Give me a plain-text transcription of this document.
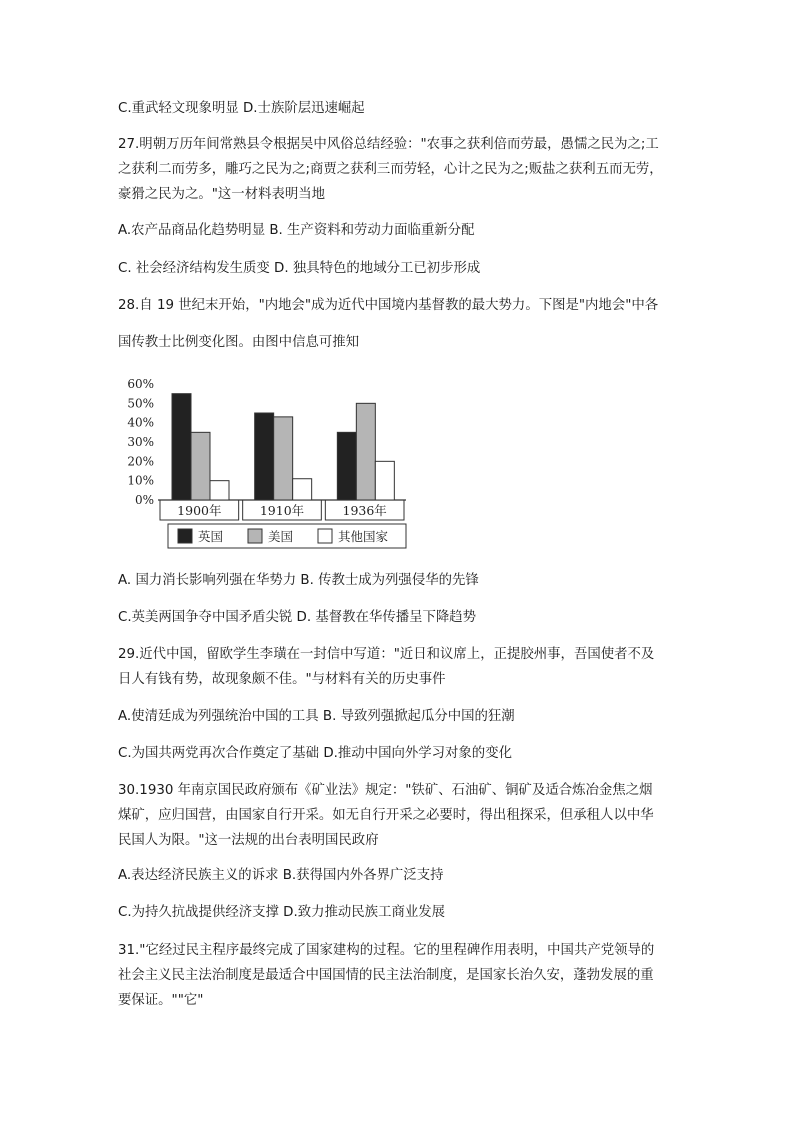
C.重武轻文现象明显 D.士族阶层迅速崛起
27.明朝万历年间常熟县令根据吴中风俗总结经验："农事之获利倍而劳最，愚懦之民为之;工
之获利二而劳多，雕巧之民为之;商贾之获利三而劳轻，心计之民为之;贩盐之获利五而无劳，
豪猾之民为之。"这一材料表明当地
A.农产品商品化趋势明显 B. 生产资料和劳动力面临重新分配
C. 社会经济结构发生质变 D. 独具特色的地域分工已初步形成
28.自 19 世纪末开始，"内地会"成为近代中国境内基督教的最大势力。下图是"内地会"中各
国传教士比例变化图。由图中信息可推知
0%
10%
20%
30%
40%
50%
60%
1900年	1910年	1936年
英国	美国	其他国家
A. 国力消长影响列强在华势力 B. 传教士成为列强侵华的先锋
C.英美两国争夺中国矛盾尖锐 D. 基督教在华传播呈下降趋势
29.近代中国，留欧学生李璜在一封信中写道："近日和议席上，正提胶州事，吾国使者不及
日人有钱有势，故现象颇不佳。"与材料有关的历史事件
A.使清廷成为列强统治中国的工具 B. 导致列强掀起瓜分中国的狂潮
C.为国共两党再次合作奠定了基础 D.推动中国向外学习对象的变化
30.1930 年南京国民政府颁布《矿业法》规定："铁矿、石油矿、铜矿及适合炼冶金焦之烟
煤矿，应归国营，由国家自行开采。如无自行开采之必要时，得出租探采，但承租人以中华
民国人为限。"这一法规的出台表明国民政府
A.表达经济民族主义的诉求 B.获得国内外各界广泛支持
C.为持久抗战提供经济支撑 D.致力推动民族工商业发展
31."它经过民主程序最终完成了国家建构的过程。它的里程碑作用表明，中国共产党领导的
社会主义民主法治制度是最适合中国国情的民主法治制度，是国家长治久安，蓬勃发展的重
要保证。""它"
